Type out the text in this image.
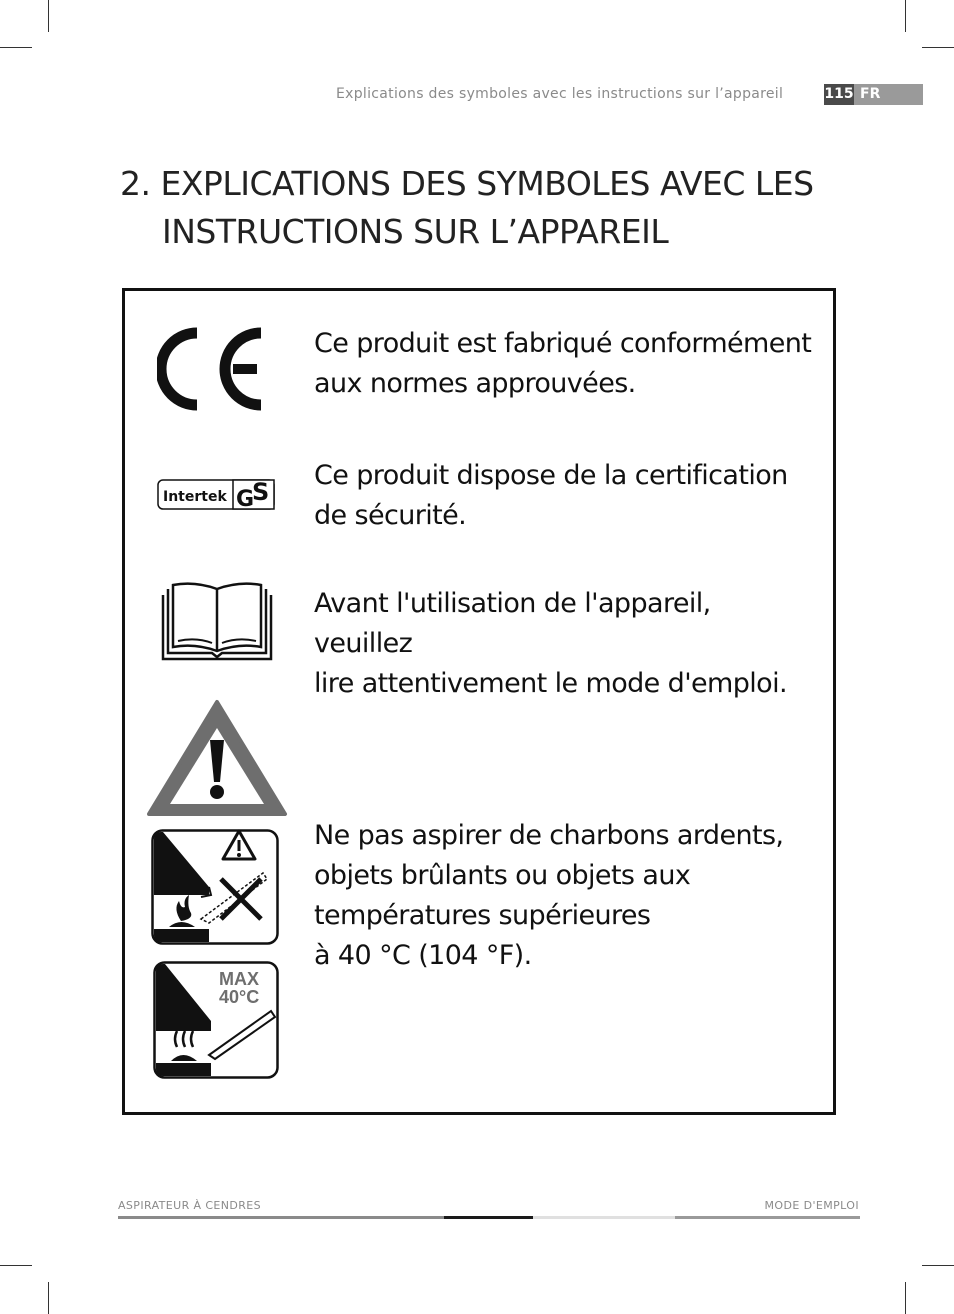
Explications des symboles avec les instructions sur l’appareil	115 FR
2. EXPLICATIONS DES SYMBOLES AVEC LES
INSTRUCTIONS SUR L’APPAREIL
Ce produit est fabriqué conformément
aux normes approuvées.
Intertek G
S
Ce produit dispose de la certification
de sécurité.
Avant l'utilisation de l'appareil, veuillez
lire attentivement le mode d'emploi.
MAX
40°C
Ne pas aspirer de charbons ardents,
objets brûlants ou objets aux
températures supérieures
à 40 °C (104 °F).
ASPIRATEUR À CENDRES	MODE D'EMPLOI
